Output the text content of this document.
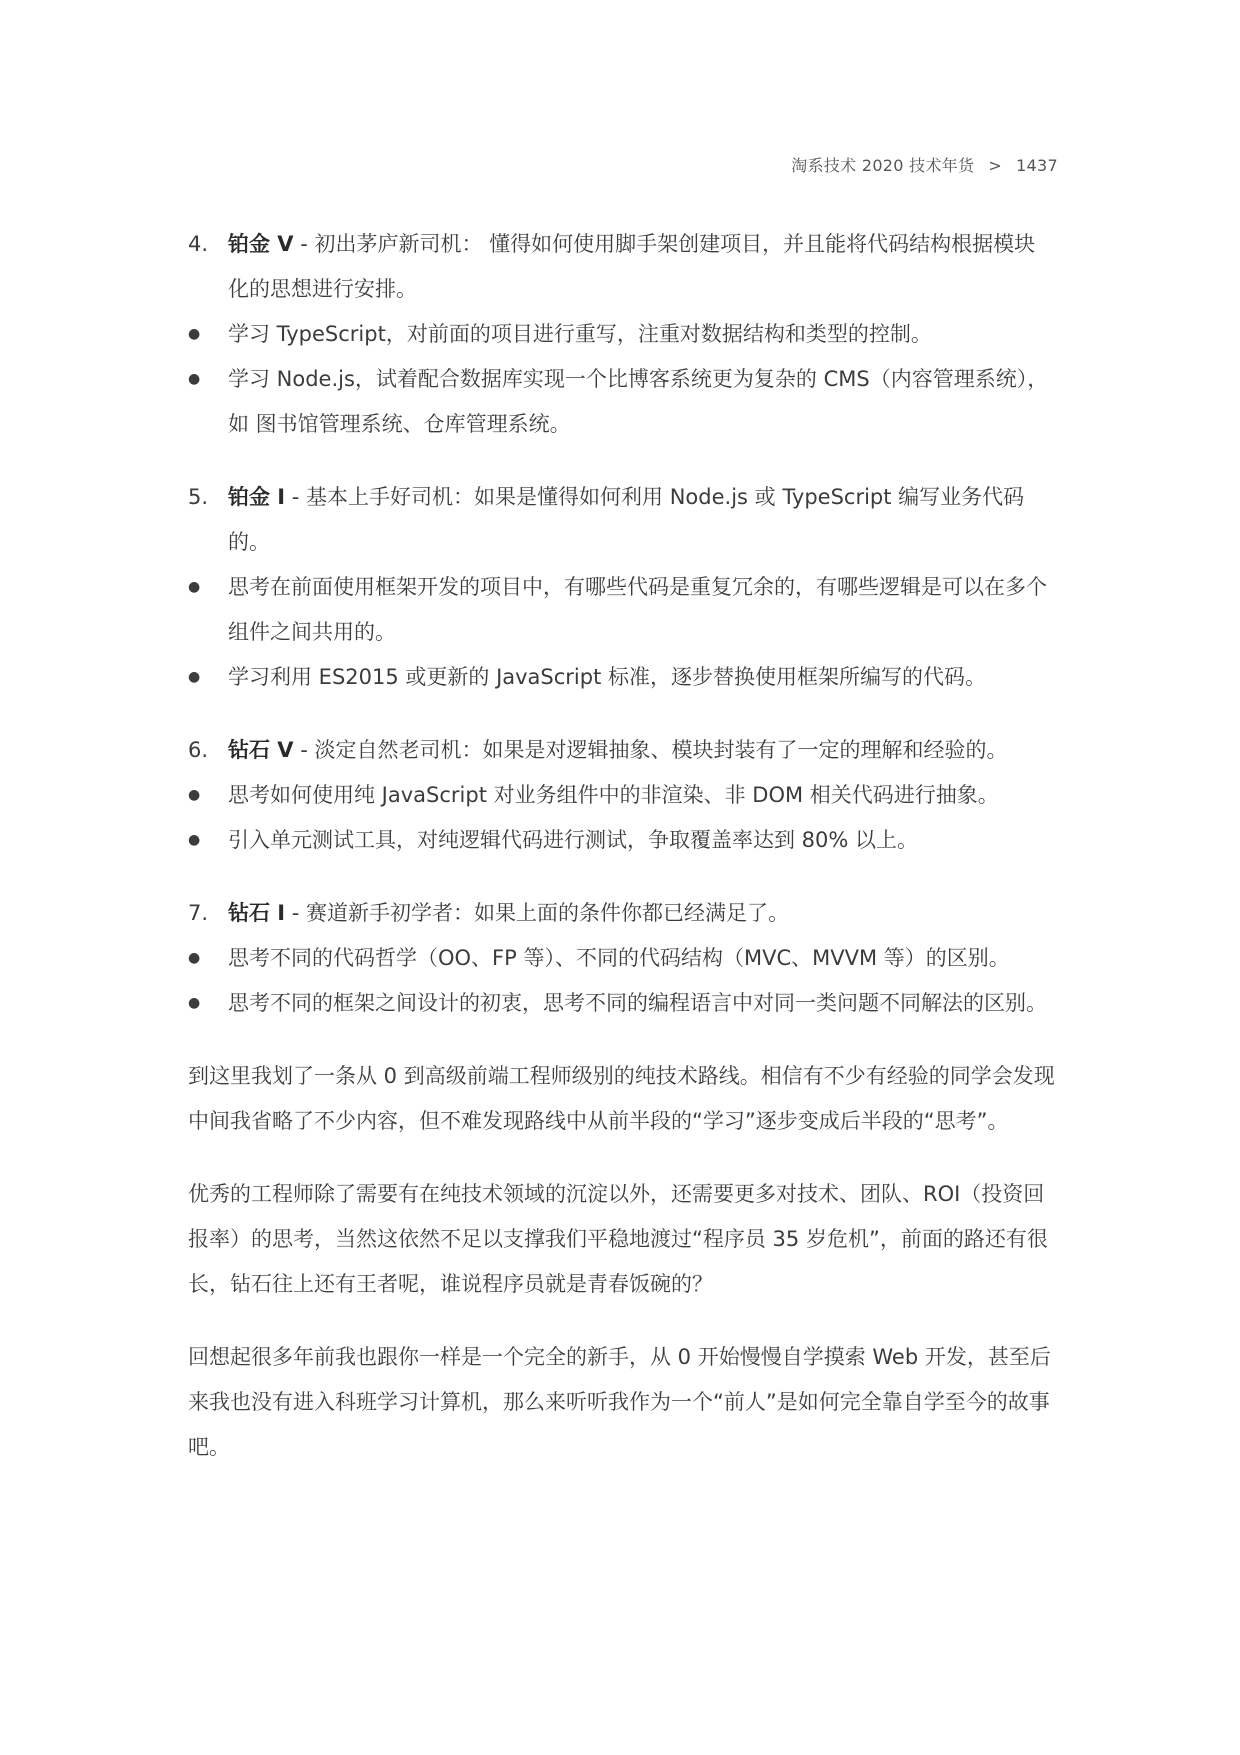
淘系技术 2020 技术年货 > 1437
4. 铂金 V - 初出茅庐新司机： 懂得如何使用脚手架创建项目，并且能将代码结构根据模块化的思想进行安排。
●	学习 TypeScript，对前面的项目进行重写，注重对数据结构和类型的控制。
●	学习 Node.js，试着配合数据库实现一个比博客系统更为复杂的 CMS（内容管理系统），如 图书馆管理系统、仓库管理系统。
5. 铂金 I - 基本上手好司机：如果是懂得如何利用 Node.js 或 TypeScript 编写业务代码的。
●	思考在前面使用框架开发的项目中，有哪些代码是重复冗余的，有哪些逻辑是可以在多个组件之间共用的。
●	学习利用 ES2015 或更新的 JavaScript 标准，逐步替换使用框架所编写的代码。
6. 钻石 V - 淡定自然老司机：如果是对逻辑抽象、模块封装有了一定的理解和经验的。
●	思考如何使用纯 JavaScript 对业务组件中的非渲染、非 DOM 相关代码进行抽象。
●	引入单元测试工具，对纯逻辑代码进行测试，争取覆盖率达到 80% 以上。
7. 钻石 I - 赛道新手初学者：如果上面的条件你都已经满足了。
●	思考不同的代码哲学（OO、FP 等）、不同的代码结构（MVC、MVVM 等）的区别。
●	思考不同的框架之间设计的初衷，思考不同的编程语言中对同一类问题不同解法的区别。

到这里我划了一条从 0 到高级前端工程师级别的纯技术路线。相信有不少有经验的同学会发现中间我省略了不少内容，但不难发现路线中从前半段的“学习”逐步变成后半段的“思考”。

优秀的工程师除了需要有在纯技术领域的沉淀以外，还需要更多对技术、团队、ROI（投资回报率）的思考，当然这依然不足以支撑我们平稳地渡过“程序员 35 岁危机”，前面的路还有很长，钻石往上还有王者呢，谁说程序员就是青春饭碗的？

回想起很多年前我也跟你一样是一个完全的新手，从 0 开始慢慢自学摸索 Web 开发，甚至后来我也没有进入科班学习计算机，那么来听听我作为一个“前人”是如何完全靠自学至今的故事吧。
